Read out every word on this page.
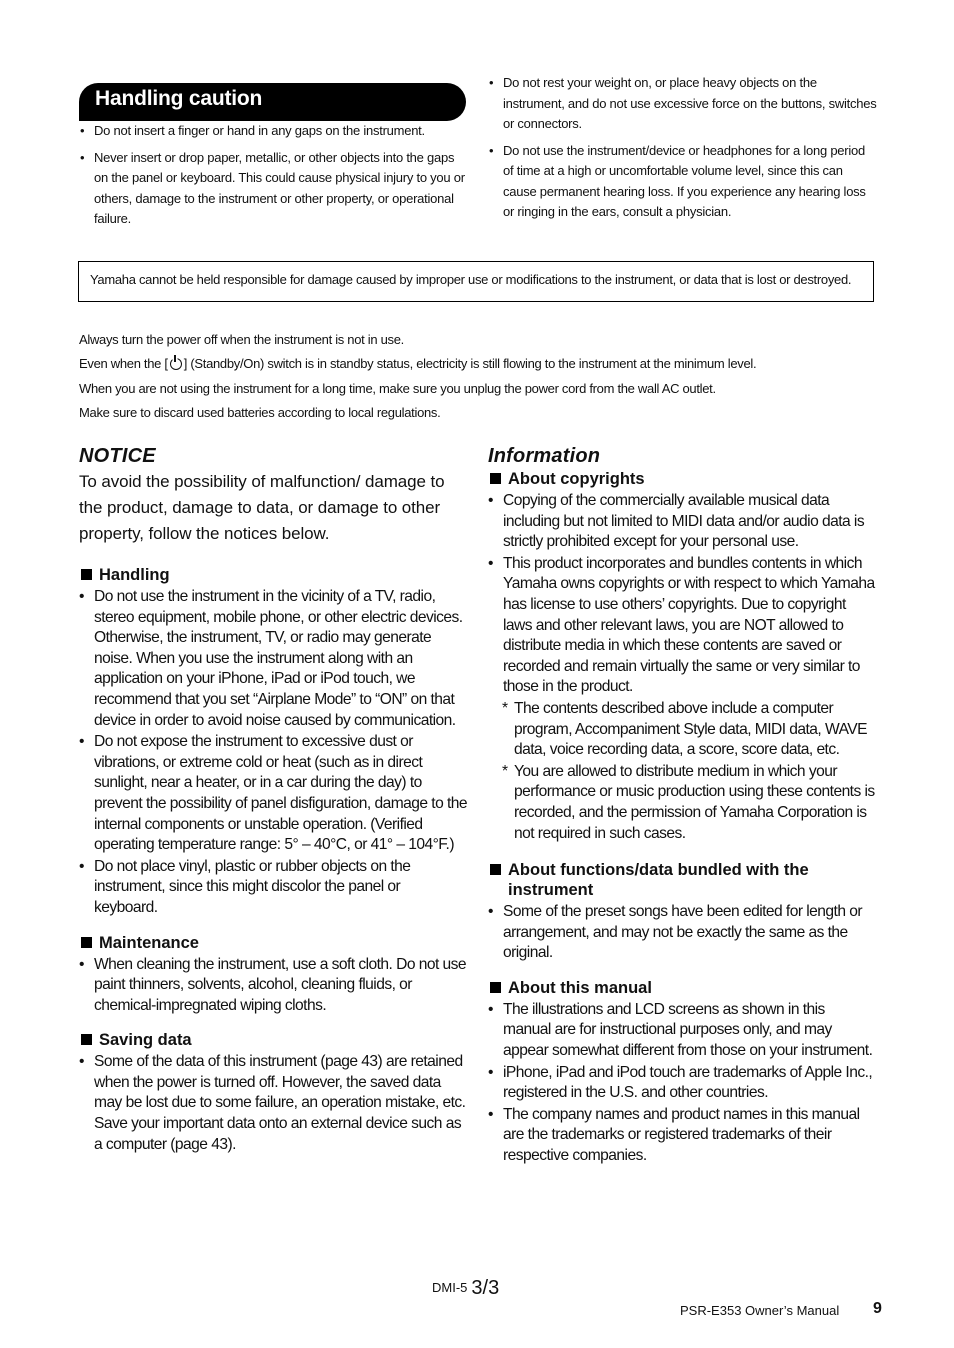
Handling caution
• Do not insert a finger or hand in any gaps on the instrument.
• Never insert or drop paper, metallic, or other objects into the gaps on the panel or keyboard. This could cause physical injury to you or others, damage to the instrument or other property, or operational failure.
• Do not rest your weight on, or place heavy objects on the instrument, and do not use excessive force on the buttons, switches or connectors.
• Do not use the instrument/device or headphones for a long period of time at a high or uncomfortable volume level, since this can cause permanent hearing loss. If you experience any hearing loss or ringing in the ears, consult a physician.
Yamaha cannot be held responsible for damage caused by improper use or modifications to the instrument, or data that is lost or destroyed.
Always turn the power off when the instrument is not in use.
Even when the [ ] (Standby/On) switch is in standby status, electricity is still flowing to the instrument at the minimum level.
When you are not using the instrument for a long time, make sure you unplug the power cord from the wall AC outlet.
Make sure to discard used batteries according to local regulations.
NOTICE
To avoid the possibility of malfunction/ damage to the product, damage to data, or damage to other property, follow the notices below.
Handling
• Do not use the instrument in the vicinity of a TV, radio, stereo equipment, mobile phone, or other electric devices. Otherwise, the instrument, TV, or radio may generate noise. When you use the instrument along with an application on your iPhone, iPad or iPod touch, we recommend that you set “Airplane Mode” to “ON” on that device in order to avoid noise caused by communication.
• Do not expose the instrument to excessive dust or vibrations, or extreme cold or heat (such as in direct sunlight, near a heater, or in a car during the day) to prevent the possibility of panel disfiguration, damage to the internal components or unstable operation. (Verified operating temperature range: 5° – 40°C, or 41° – 104°F.)
• Do not place vinyl, plastic or rubber objects on the instrument, since this might discolor the panel or keyboard.
Maintenance
• When cleaning the instrument, use a soft cloth. Do not use paint thinners, solvents, alcohol, cleaning fluids, or chemical-impregnated wiping cloths.
Saving data
• Some of the data of this instrument (page 43) are retained when the power is turned off. However, the saved data may be lost due to some failure, an operation mistake, etc. Save your important data onto an external device such as a computer (page 43).
Information
About copyrights
• Copying of the commercially available musical data including but not limited to MIDI data and/or audio data is strictly prohibited except for your personal use.
• This product incorporates and bundles contents in which Yamaha owns copyrights or with respect to which Yamaha has license to use others’ copyrights. Due to copyright laws and other relevant laws, you are NOT allowed to distribute media in which these contents are saved or recorded and remain virtually the same or very similar to those in the product.
* The contents described above include a computer program, Accompaniment Style data, MIDI data, WAVE data, voice recording data, a score, score data, etc.
* You are allowed to distribute medium in which your performance or music production using these contents is recorded, and the permission of Yamaha Corporation is not required in such cases.
About functions/data bundled with the instrument
• Some of the preset songs have been edited for length or arrangement, and may not be exactly the same as the original.
About this manual
• The illustrations and LCD screens as shown in this manual are for instructional purposes only, and may appear somewhat different from those on your instrument.
• iPhone, iPad and iPod touch are trademarks of Apple Inc., registered in the U.S. and other countries.
• The company names and product names in this manual are the trademarks or registered trademarks of their respective companies.
DMI-5 3/3
PSR-E353 Owner’s Manual 9
